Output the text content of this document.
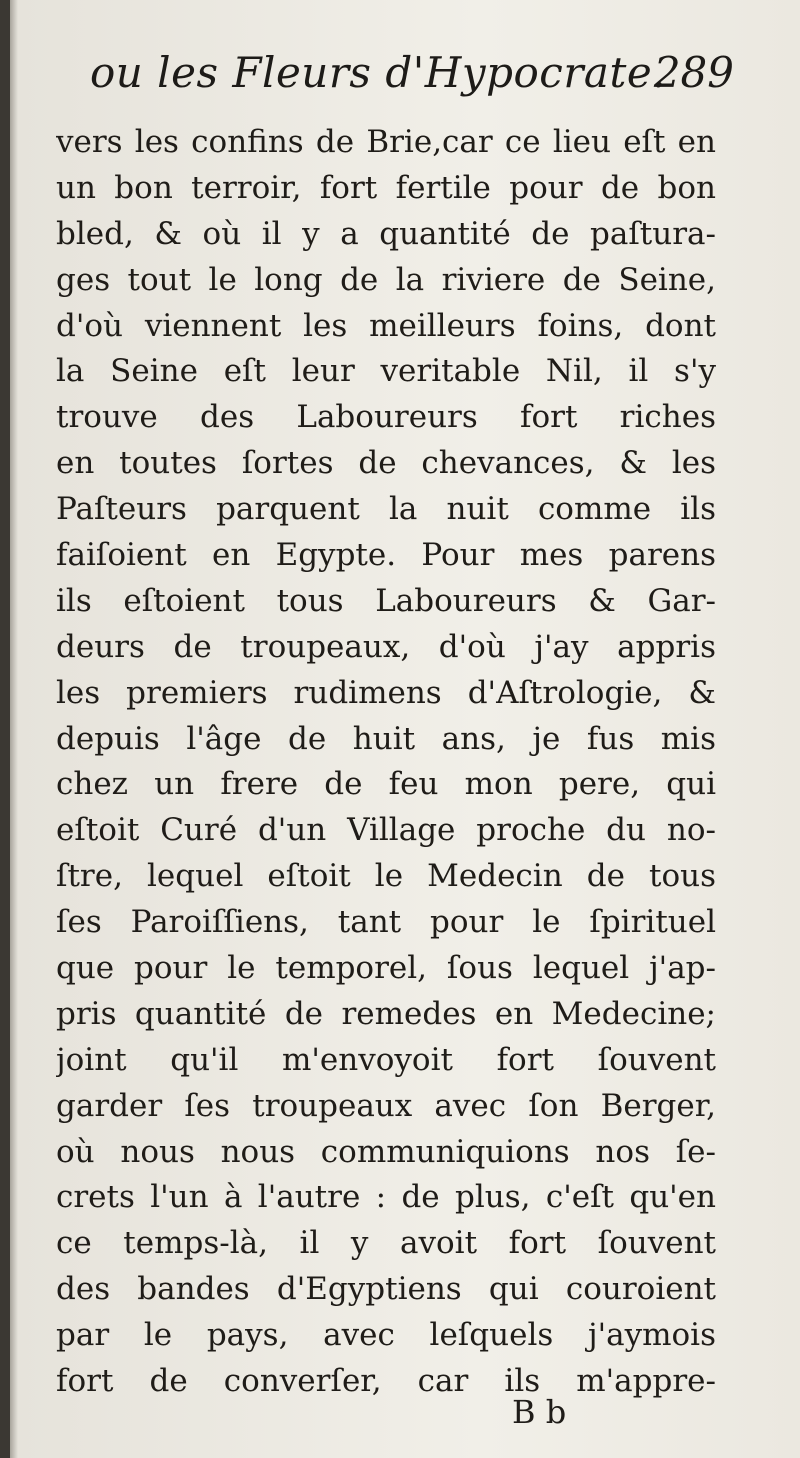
ou les Fleurs d'Hypocrate.
289
vers les confins de Brie,car ce lieu eſt en
un bon terroir, fort fertile pour de bon
bled, & où il y a quantité de paſtura-
ges tout le long de la riviere de Seine,
d'où viennent les meilleurs foins, dont
la Seine eſt leur veritable Nil, il s'y
trouve des Laboureurs fort riches
en toutes ſortes de chevances, & les
Paſteurs parquent la nuit comme ils
faiſoient en Egypte. Pour mes parens
ils eſtoient tous Laboureurs & Gar-
deurs de troupeaux, d'où j'ay appris
les premiers rudimens d'Aſtrologie, &
depuis l'âge de huit ans, je fus mis
chez un frere de feu mon pere, qui
eſtoit Curé d'un Village proche du no-
ſtre, lequel eſtoit le Medecin de tous
ſes Paroiſſiens, tant pour le ſpirituel
que pour le temporel, ſous lequel j'ap-
pris quantité de remedes en Medecine;
joint qu'il m'envoyoit fort ſouvent
garder ſes troupeaux avec ſon Berger,
où nous nous communiquions nos ſe-
crets l'un à l'autre : de plus, c'eſt qu'en
ce temps-là, il y avoit fort ſouvent
des bandes d'Egyptiens qui couroient
par le pays, avec leſquels j'aymois
fort de converſer, car ils m'appre-
B b
